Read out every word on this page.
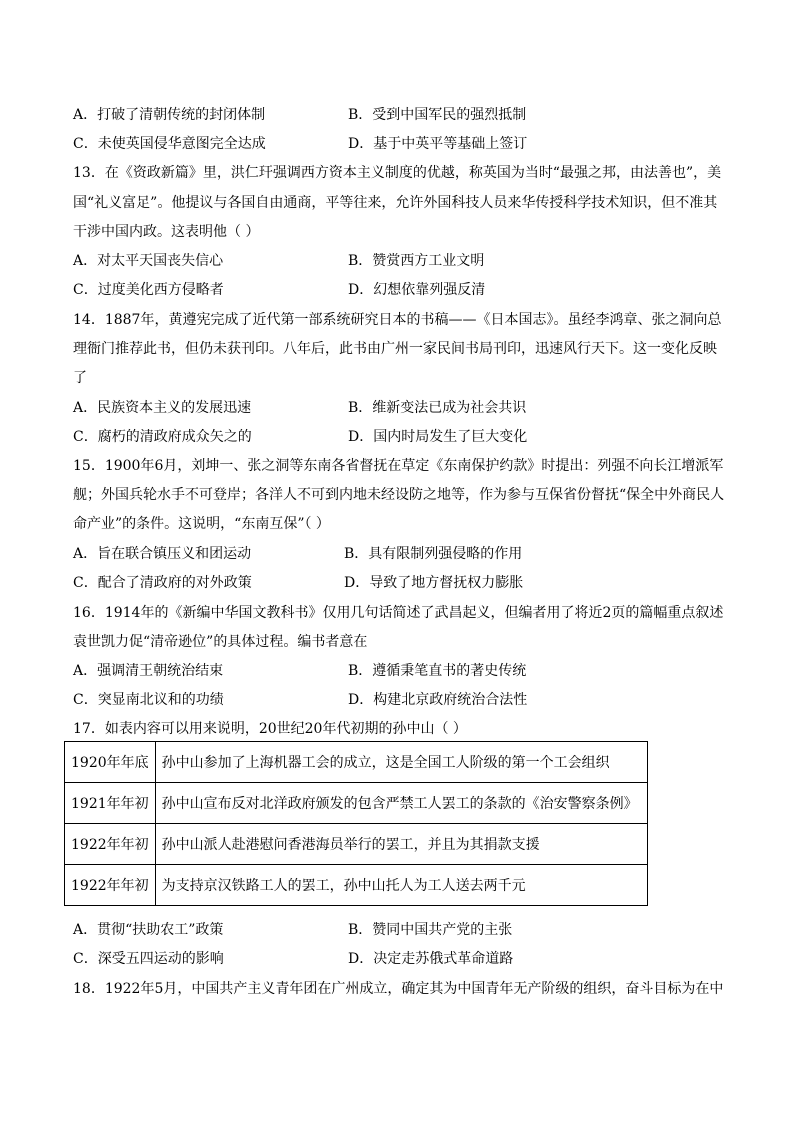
A．打破了清朝传统的封闭体制	B．受到中国军民的强烈抵制
C．未使英国侵华意图完全达成	D．基于中英平等基础上签订
13．在《资政新篇》里，洪仁玕强调西方资本主义制度的优越，称英国为当时“最强之邦，由法善也”，美
国“礼义富足”。他提议与各国自由通商，平等往来，允许外国科技人员来华传授科学技术知识，但不准其
干涉中国内政。这表明他（ ）
A．对太平天国丧失信心	B．赞赏西方工业文明
C．过度美化西方侵略者	D．幻想依靠列强反清
14．1887年，黄遵宪完成了近代第一部系统研究日本的书稿——《日本国志》。虽经李鸿章、张之洞向总
理衙门推荐此书，但仍未获刊印。八年后，此书由广州一家民间书局刊印，迅速风行天下。这一变化反映
了
A．民族资本主义的发展迅速	B．维新变法已成为社会共识
C．腐朽的清政府成众矢之的	D．国内时局发生了巨大变化
15．1900年6月，刘坤一、张之洞等东南各省督抚在草定《东南保护约款》时提出：列强不向长江增派军
舰；外国兵轮水手不可登岸；各洋人不可到内地未经设防之地等，作为参与互保省份督抚“保全中外商民人
命产业”的条件。这说明，“东南互保”（ ）
A．旨在联合镇压义和团运动	B．具有限制列强侵略的作用
C．配合了清政府的对外政策	D．导致了地方督抚权力膨胀
16．1914年的《新编中华国文教科书》仅用几句话简述了武昌起义，但编者用了将近2页的篇幅重点叙述
袁世凯力促“清帝逊位”的具体过程。编书者意在
A．强调清王朝统治结束	B．遵循秉笔直书的著史传统
C．突显南北议和的功绩	D．构建北京政府统治合法性
17．如表内容可以用来说明，20世纪20年代初期的孙中山（ ）
1920年年底	孙中山参加了上海机器工会的成立，这是全国工人阶级的第一个工会组织
1921年年初	孙中山宣布反对北洋政府颁发的包含严禁工人罢工的条款的《治安警察条例》
1922年年初	孙中山派人赴港慰问香港海员举行的罢工，并且为其捐款支援
1922年年初	为支持京汉铁路工人的罢工，孙中山托人为工人送去两千元
A．贯彻“扶助农工”政策	B．赞同中国共产党的主张
C．深受五四运动的影响	D．决定走苏俄式革命道路
18．1922年5月，中国共产主义青年团在广州成立，确定其为中国青年无产阶级的组织，奋斗目标为在中
